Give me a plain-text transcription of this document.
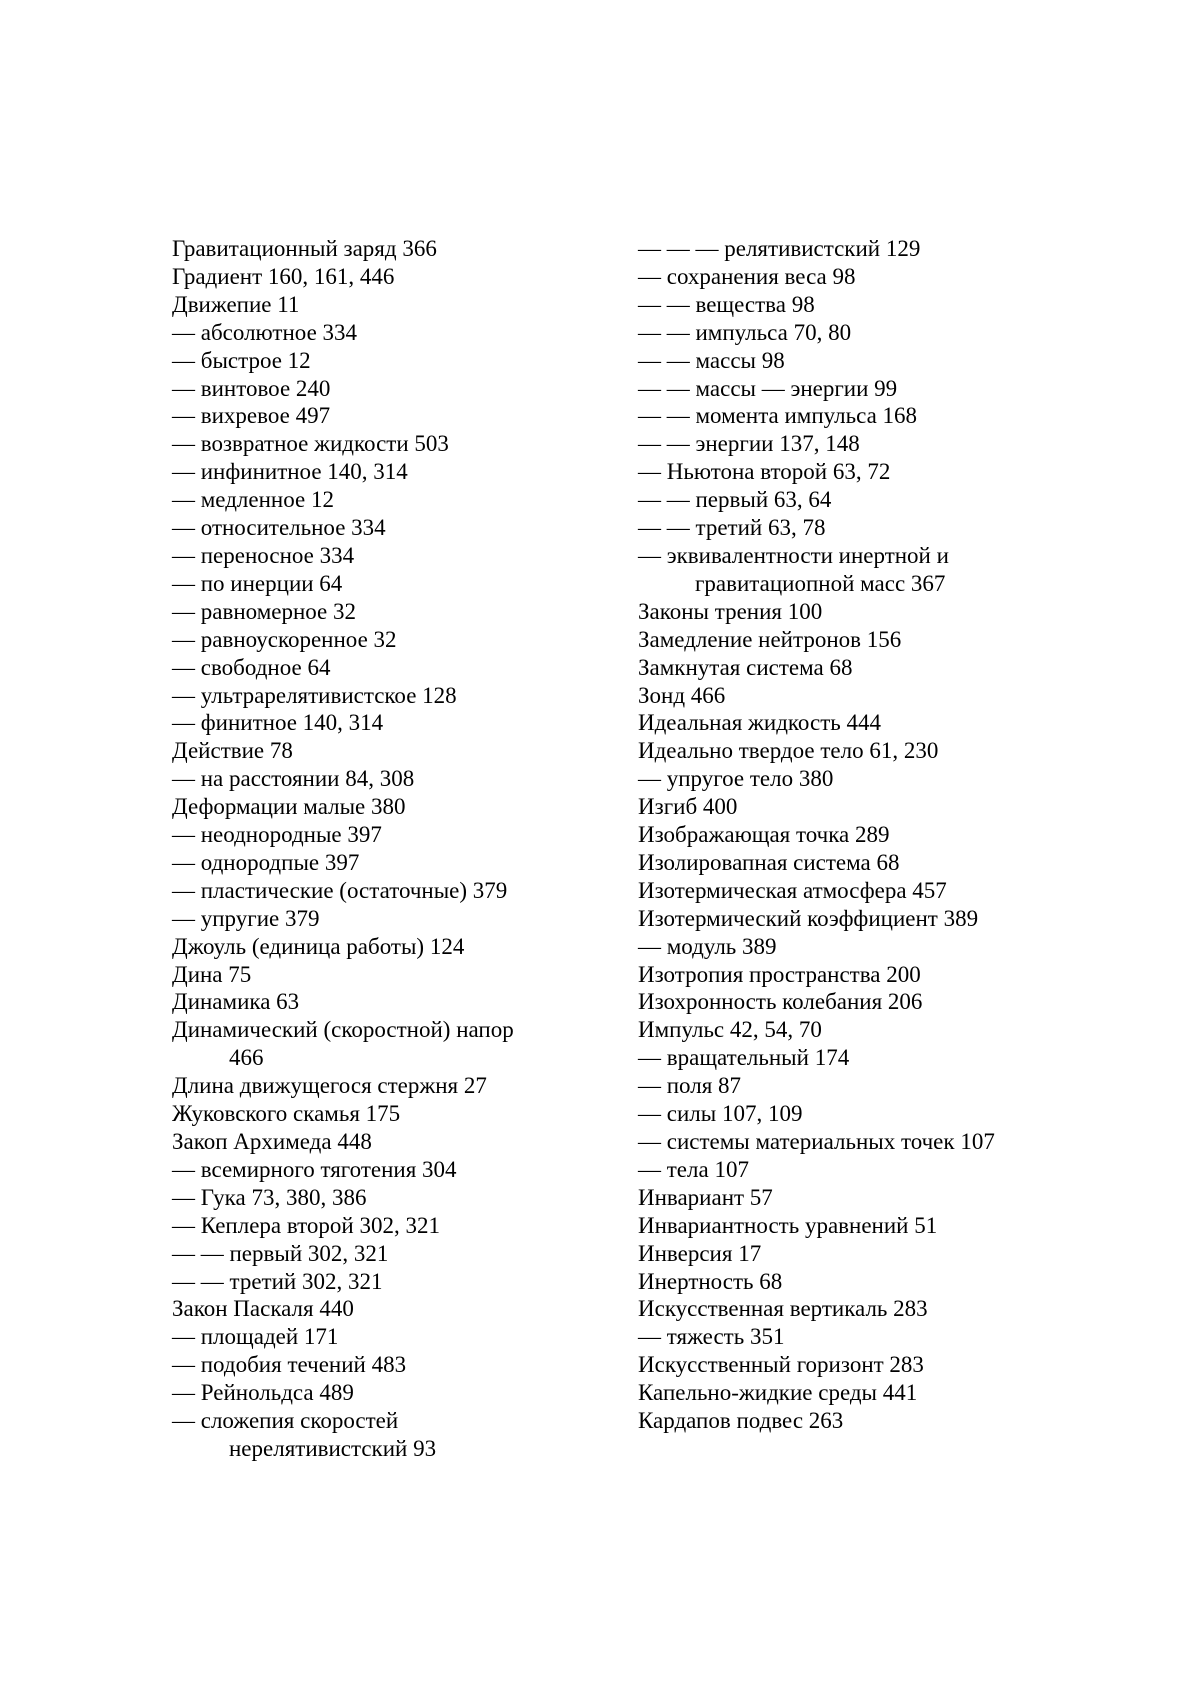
Гравитационный заряд 366
Градиент 160, 161, 446
Движепие 11
— абсолютное 334
— быстрое 12
— винтовое 240
— вихревое 497
— возвратное жидкости 503
— инфинитное 140, 314
— медленное 12
— относительное 334
— переносное 334
— по инерции 64
— равномерное 32
— равноускоренное 32
— свободное 64
— ультрарелятивистское 128
— финитное 140, 314
Действие 78
— на расстоянии 84, 308
Деформации малые 380
— неоднородные 397
— однородпые 397
— пластические (остаточные) 379
— упругие 379
Джоуль (единица работы) 124
Дина 75
Динамика 63
Динамический (скоростной) напор
466
Длина движущегося стержня 27
Жуковского скамья 175
Закоп Архимеда 448
— всемирного тяготения 304
— Гука 73, 380, 386
— Кеплера второй 302, 321
— — первый 302, 321
— — третий 302, 321
Закон Паскаля 440
— площадей 171
— подобия течений 483
— Рейнольдса 489
— сложепия скоростей
нерелятивистский 93
— — — релятивистский 129
— сохранения веса 98
— — вещества 98
— — импульса 70, 80
— — массы 98
— — массы — энергии 99
— — момента импульса 168
— — энергии 137, 148
— Ньютона второй 63, 72
— — первый 63, 64
— — третий 63, 78
— эквивалентности инертной и
гравитациопной масс 367
Законы трения 100
Замедление нейтронов 156
Замкнутая система 68
Зонд 466
Идеальная жидкость 444
Идеально твердое тело 61, 230
— упругое тело 380
Изгиб 400
Изображающая точка 289
Изолировапная система 68
Изотермическая атмосфера 457
Изотермический коэффициент 389
— модуль 389
Изотропия пространства 200
Изохронность колебания 206
Импульс 42, 54, 70
— вращательный 174
— поля 87
— силы 107, 109
— системы материальных точек 107
— тела 107
Инвариант 57
Инвариантность уравнений 51
Инверсия 17
Инертность 68
Искусственная вертикаль 283
— тяжесть 351
Искусственный горизонт 283
Капельно-жидкие среды 441
Кардапов подвес 263
